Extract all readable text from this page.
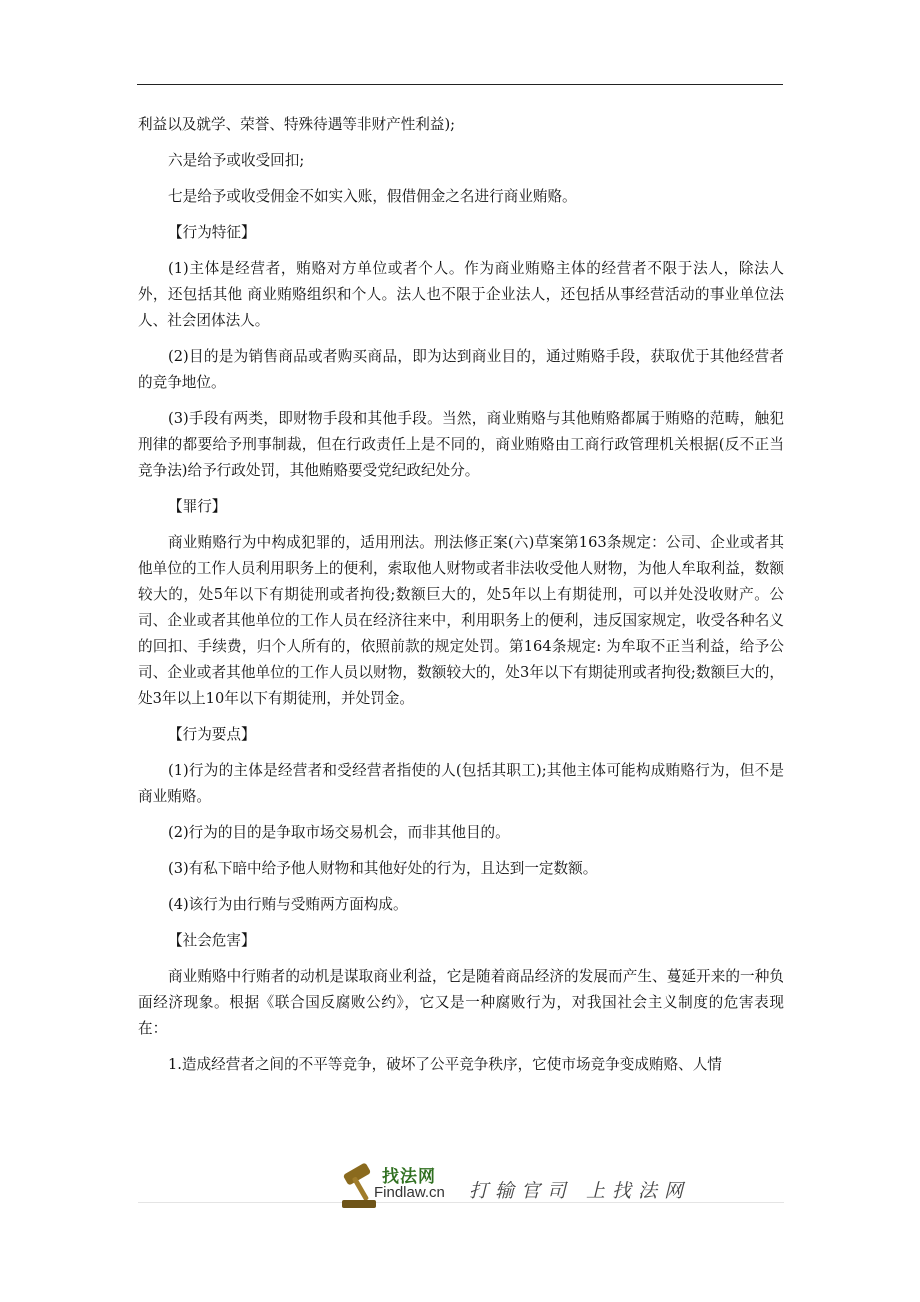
利益以及就学、荣誉、特殊待遇等非财产性利益);

六是给予或收受回扣;

七是给予或收受佣金不如实入账，假借佣金之名进行商业贿赂。

【行为特征】

(1)主体是经营者，贿赂对方单位或者个人。作为商业贿赂主体的经营者不限于法人，除法人外，还包括其他 商业贿赂组织和个人。法人也不限于企业法人，还包括从事经营活动的事业单位法人、社会团体法人。

(2)目的是为销售商品或者购买商品，即为达到商业目的，通过贿赂手段，获取优于其他经营者的竞争地位。

(3)手段有两类，即财物手段和其他手段。当然，商业贿赂与其他贿赂都属于贿赂的范畴，触犯刑律的都要给予刑事制裁，但在行政责任上是不同的，商业贿赂由工商行政管理机关根据(反不正当竞争法)给予行政处罚，其他贿赂要受党纪政纪处分。

【罪行】

商业贿赂行为中构成犯罪的，适用刑法。刑法修正案(六)草案第163条规定：公司、企业或者其他单位的工作人员利用职务上的便利，索取他人财物或者非法收受他人财物，为他人牟取利益，数额较大的，处5年以下有期徒刑或者拘役;数额巨大的，处5年以上有期徒刑，可以并处没收财产。公司、企业或者其他单位的工作人员在经济往来中，利用职务上的便利，违反国家规定，收受各种名义的回扣、手续费，归个人所有的，依照前款的规定处罚。第164条规定: 为牟取不正当利益，给予公司、企业或者其他单位的工作人员以财物，数额较大的，处3年以下有期徒刑或者拘役;数额巨大的，处3年以上10年以下有期徒刑，并处罚金。

【行为要点】

(1)行为的主体是经营者和受经营者指使的人(包括其职工);其他主体可能构成贿赂行为，但不是商业贿赂。

(2)行为的目的是争取市场交易机会，而非其他目的。

(3)有私下暗中给予他人财物和其他好处的行为，且达到一定数额。

(4)该行为由行贿与受贿两方面构成。

【社会危害】

商业贿赂中行贿者的动机是谋取商业利益，它是随着商品经济的发展而产生、蔓延开来的一种负面经济现象。根据《联合国反腐败公约》，它又是一种腐败行为，对我国社会主义制度的危害表现在：

1.造成经营者之间的不平等竞争，破坏了公平竞争秩序，它使市场竞争变成贿赂、人情

找法网
Findlaw.cn 打输官司 上找法网
